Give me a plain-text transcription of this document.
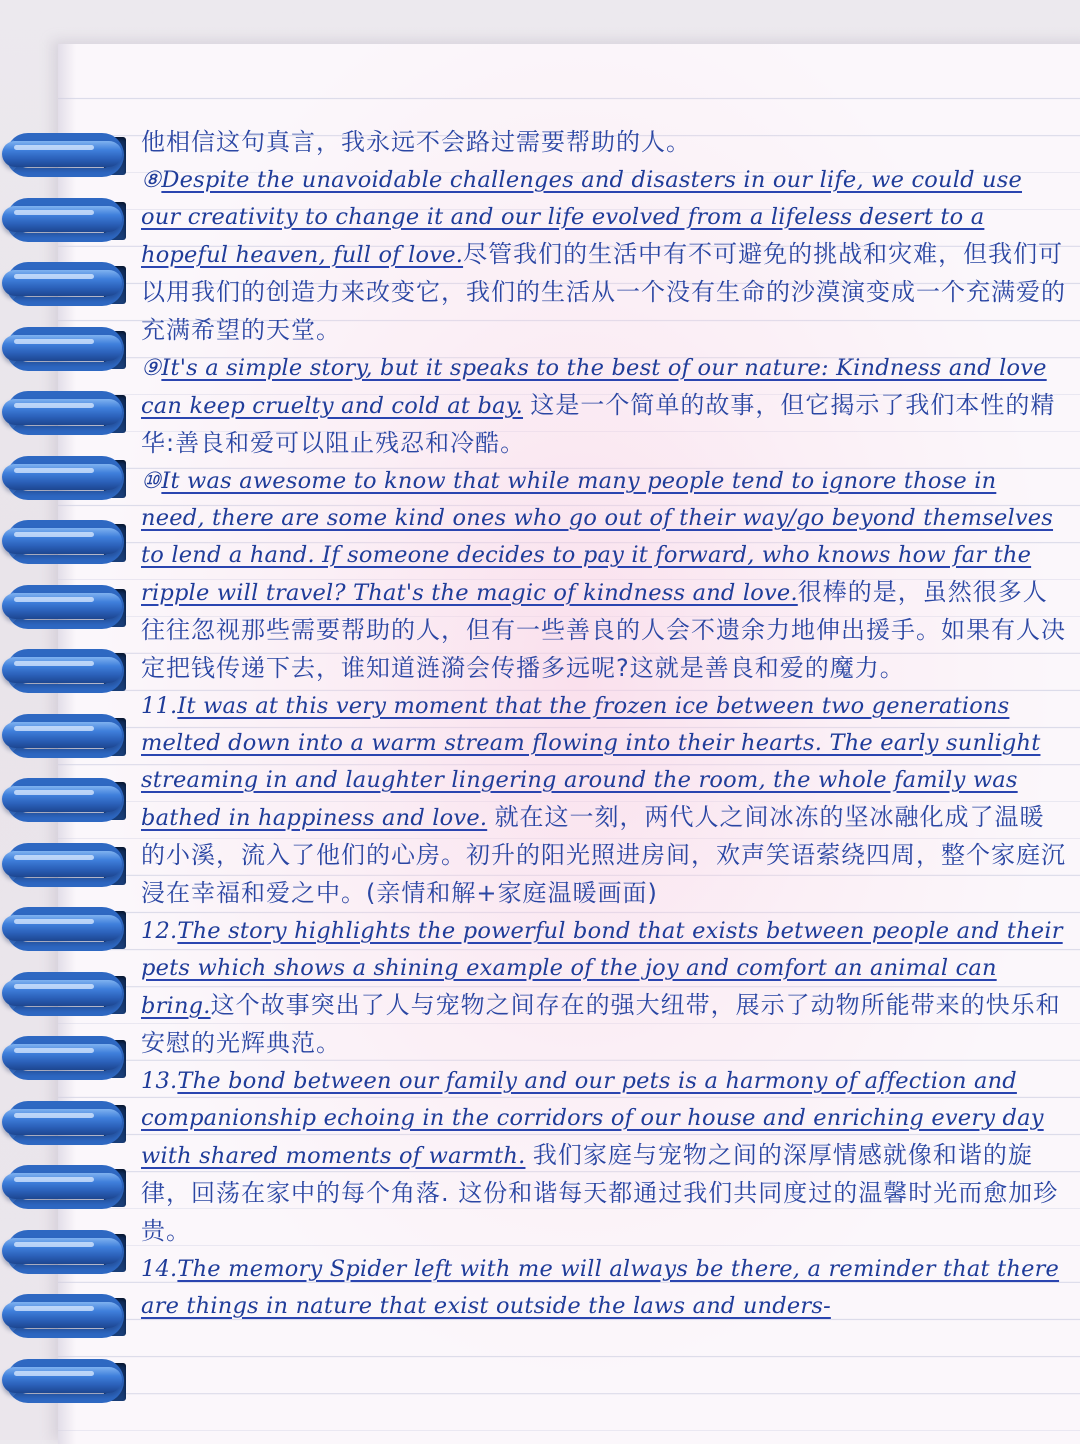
他相信这句真言，我永远不会路过需要帮助的人。

⑧Despite the unavoidable challenges and disasters in our life, we could use our creativity to change it and our life evolved from a lifeless desert to a hopeful heaven, full of love.尽管我们的生活中有不可避免的挑战和灾难，但我们可以用我们的创造力来改变它，我们的生活从一个没有生命的沙漠演变成一个充满爱的充满希望的天堂。

⑨It's a simple story, but it speaks to the best of our nature: Kindness and love can keep cruelty and cold at bay. 这是一个简单的故事，但它揭示了我们本性的精华:善良和爱可以阻止残忍和冷酷。

⑩It was awesome to know that while many people tend to ignore those in need, there are some kind ones who go out of their way/go beyond themselves to lend a hand. If someone decides to pay it forward, who knows how far the ripple will travel? That's the magic of kindness and love.很棒的是，虽然很多人往往忽视那些需要帮助的人，但有一些善良的人会不遗余力地伸出援手。如果有人决定把钱传递下去，谁知道涟漪会传播多远呢?这就是善良和爱的魔力。

11.It was at this very moment that the frozen ice between two generations melted down into a warm stream flowing into their hearts. The early sunlight streaming in and laughter lingering around the room, the whole family was bathed in happiness and love. 就在这一刻，两代人之间冰冻的坚冰融化成了温暖的小溪，流入了他们的心房。初升的阳光照进房间，欢声笑语萦绕四周，整个家庭沉浸在幸福和爱之中。(亲情和解+家庭温暖画面)

12.The story highlights the powerful bond that exists between people and their pets which shows a shining example of the joy and comfort an animal can bring.这个故事突出了人与宠物之间存在的强大纽带，展示了动物所能带来的快乐和安慰的光辉典范。

13.The bond between our family and our pets is a harmony of affection and companionship echoing in the corridors of our house and enriching every day with shared moments of warmth. 我们家庭与宠物之间的深厚情感就像和谐的旋律，回荡在家中的每个角落. 这份和谐每天都通过我们共同度过的温馨时光而愈加珍贵。

14.The memory Spider left with me will always be there, a reminder that there are things in nature that exist outside the laws and unders-
